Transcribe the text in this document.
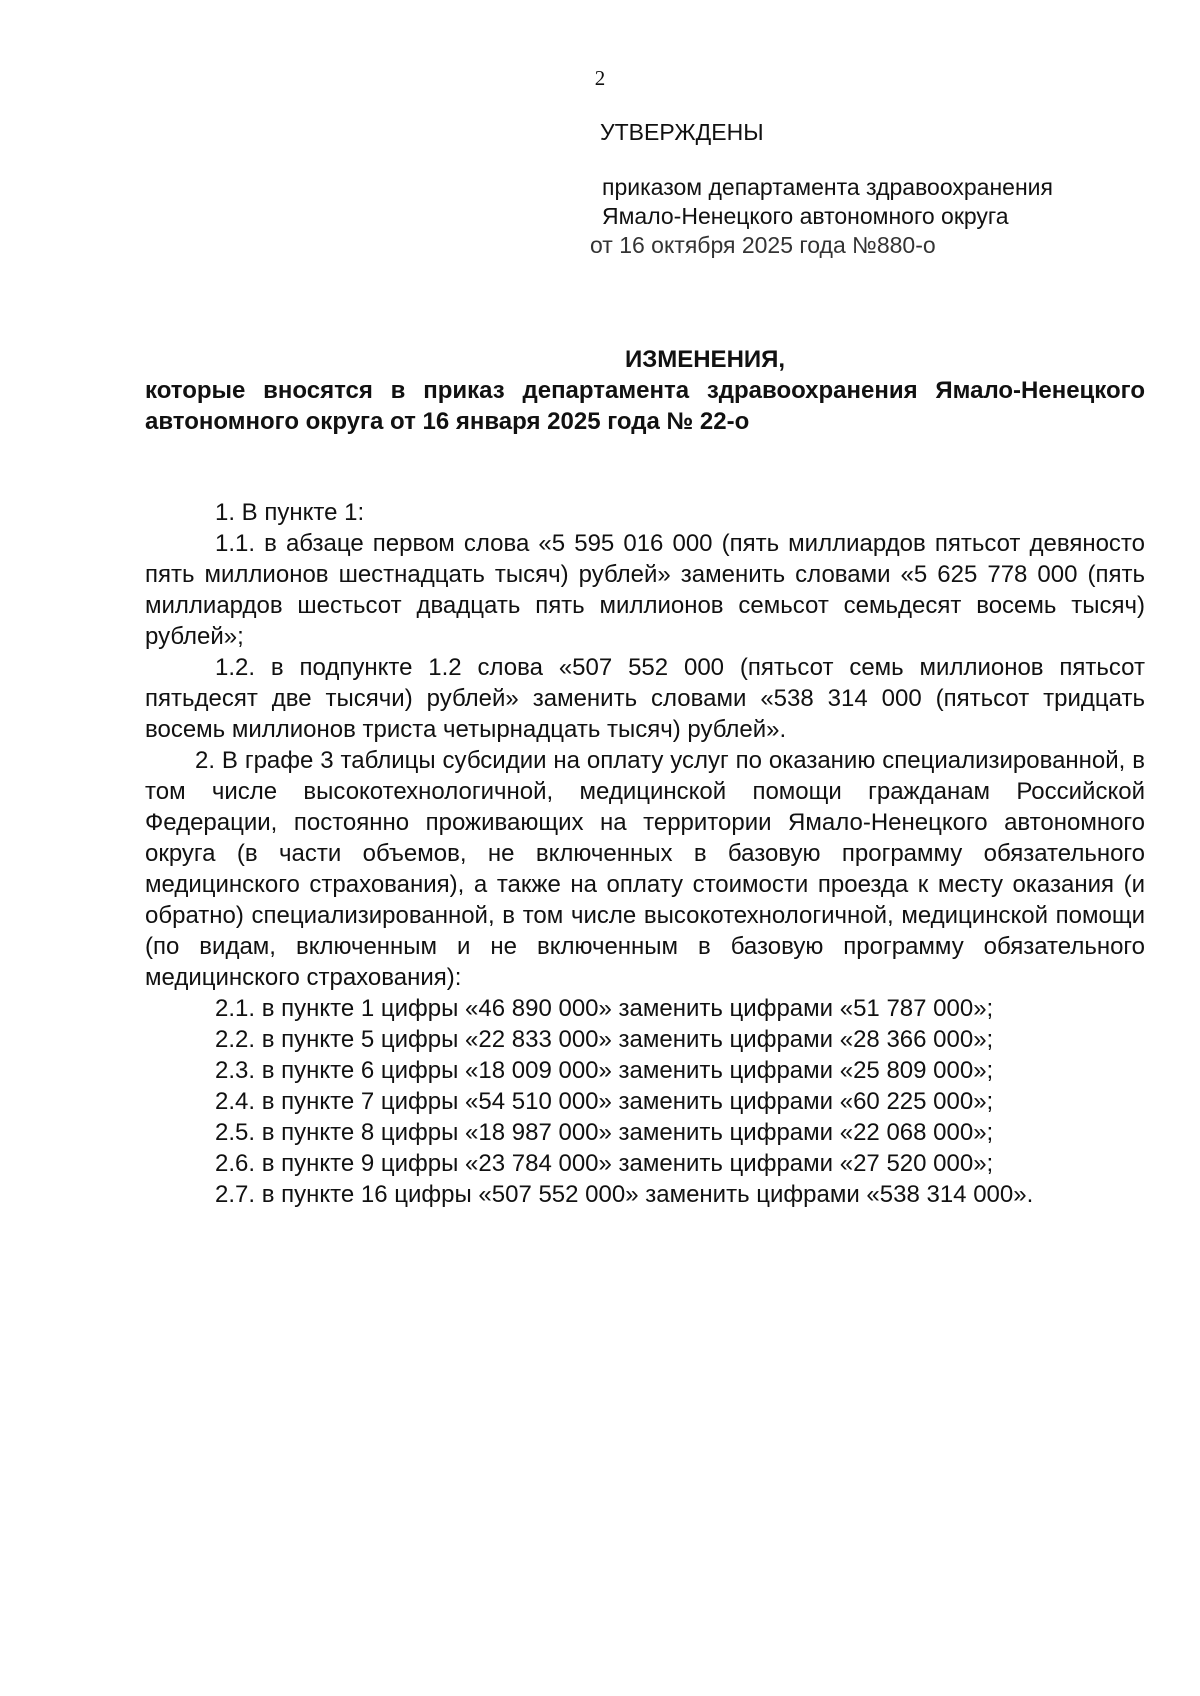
2
УТВЕРЖДЕНЫ
приказом департамента здравоохранения
Ямало-Ненецкого автономного округа
от 16 октября 2025 года №880-о
ИЗМЕНЕНИЯ,
которые вносятся в приказ департамента здравоохранения Ямало-Ненецкого автономного округа от 16 января 2025 года № 22-о

1. В пункте 1:

1.1. в абзаце первом слова «5 595 016 000 (пять миллиардов пятьсот девяносто пять миллионов шестнадцать тысяч) рублей» заменить словами «5 625 778 000 (пять миллиардов шестьсот двадцать пять миллионов семьсот семьдесят восемь тысяч) рублей»;

1.2. в подпункте 1.2 слова «507 552 000 (пятьсот семь миллионов пятьсот пятьдесят две тысячи) рублей» заменить словами «538 314 000 (пятьсот тридцать восемь миллионов триста четырнадцать тысяч) рублей».

2. В графе 3 таблицы субсидии на оплату услуг по оказанию специализированной, в том числе высокотехнологичной, медицинской помощи гражданам Российской Федерации, постоянно проживающих на территории Ямало-Ненецкого автономного округа (в части объемов, не включенных в базовую программу обязательного медицинского страхования), а также на оплату стоимости проезда к месту оказания (и обратно) специализированной, в том числе высокотехнологичной, медицинской помощи (по видам, включенным и не включенным в базовую программу обязательного медицинского страхования):

2.1. в пункте 1 цифры «46 890 000» заменить цифрами «51 787 000»;

2.2. в пункте 5 цифры «22 833 000» заменить цифрами «28 366 000»;

2.3. в пункте 6 цифры «18 009 000» заменить цифрами «25 809 000»;

2.4. в пункте 7 цифры «54 510 000» заменить цифрами «60 225 000»;

2.5. в пункте 8 цифры «18 987 000» заменить цифрами «22 068 000»;

2.6. в пункте 9 цифры «23 784 000» заменить цифрами «27 520 000»;

2.7. в пункте 16 цифры «507 552 000» заменить цифрами «538 314 000».
